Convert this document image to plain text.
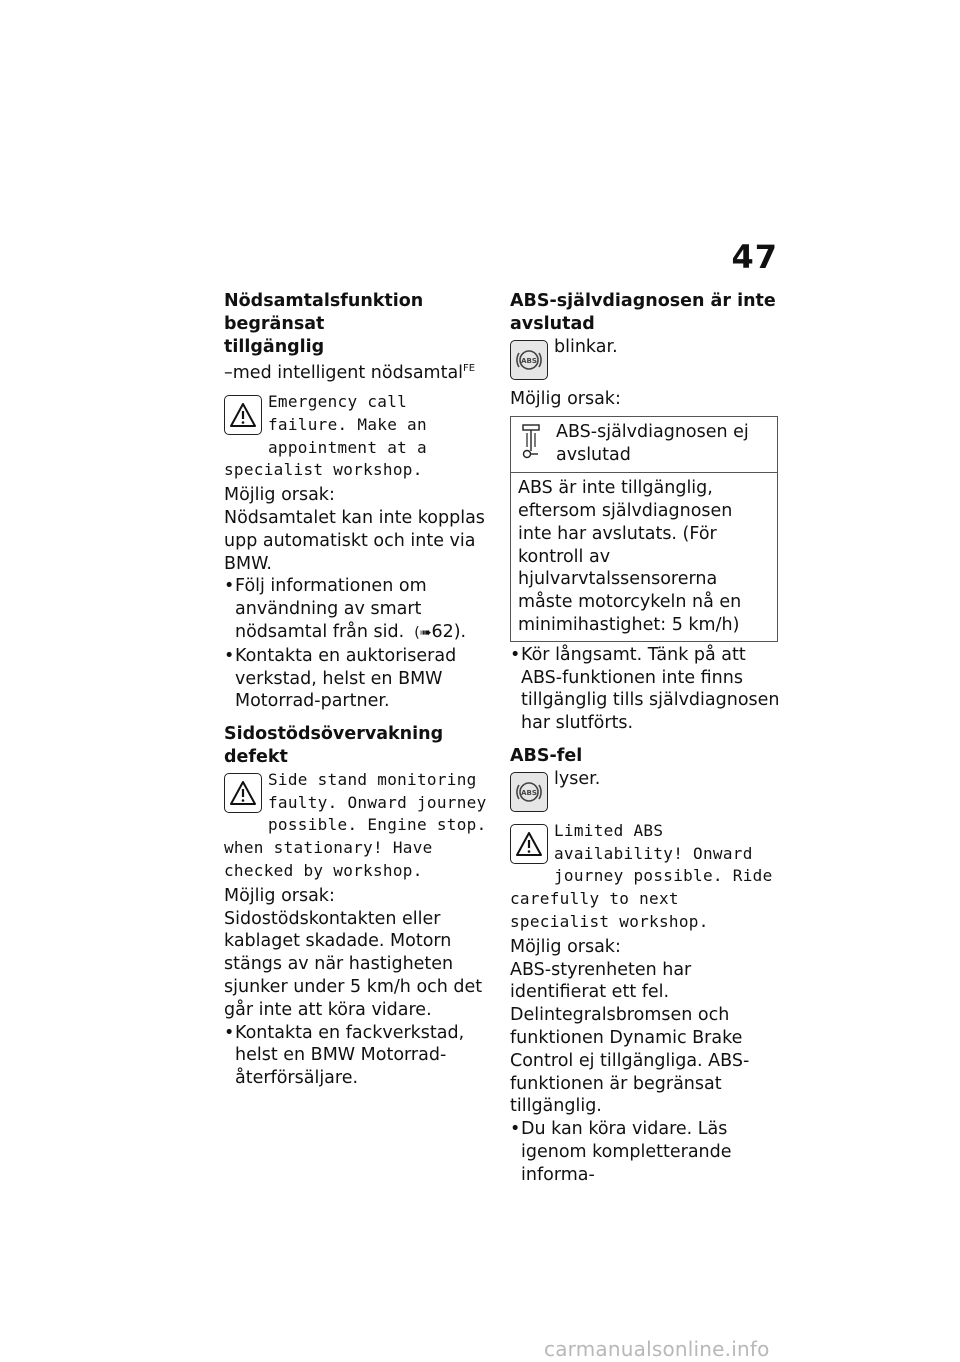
47
Nödsamtalsfunktion begränsat
tillgänglig

–med intelligent nödsamtal$^{FE}$

Emergency call failure. Make an appointment at a specialist workshop.

Möjlig orsak:

Nödsamtalet kan inte kopplas upp automatiskt och inte via BMW.

• Följ informationen om användning av smart nödsamtal från sid.  (➠62).
• Kontakta en auktoriserad verkstad, helst en BMW Motorrad-partner.
Sidostödsövervakning defekt
Side stand monitoring faulty. Onward journey possible. Engine stop. when stationary! Have checked by workshop.

Möjlig orsak:

Sidostödskontakten eller kablaget skadade. Motorn stängs av när hastigheten sjunker under 5 km/h och det går inte att köra vidare.

• Kontakta en fackverkstad, helst en BMW Motorrad-återförsäljare.
ABS-självdiagnosen är inte
avslutad
ABS
blinkar.

Möjlig orsak:

ABS-självdiagnosen ej avslutad

ABS är inte tillgänglig, eftersom självdiagnosen inte har avslutats. (För kontroll av hjulvarvtalssensorerna måste motorcykeln nå en minimihastighet: 5 km/h)
• Kör långsamt. Tänk på att ABS-funktionen inte finns tillgänglig tills självdiagnosen har slutförts.
ABS-fel
ABS
lyser.
Limited ABS availability! Onward journey possible. Ride carefully to next specialist workshop.

Möjlig orsak:

ABS-styrenheten har identifierat ett fel. Delintegralsbromsen och funktionen Dynamic Brake Control ej tillgängliga. ABS-funktionen är begränsat tillgänglig.

• Du kan köra vidare. Läs igenom kompletterande informa-
carmanualsonline.info
